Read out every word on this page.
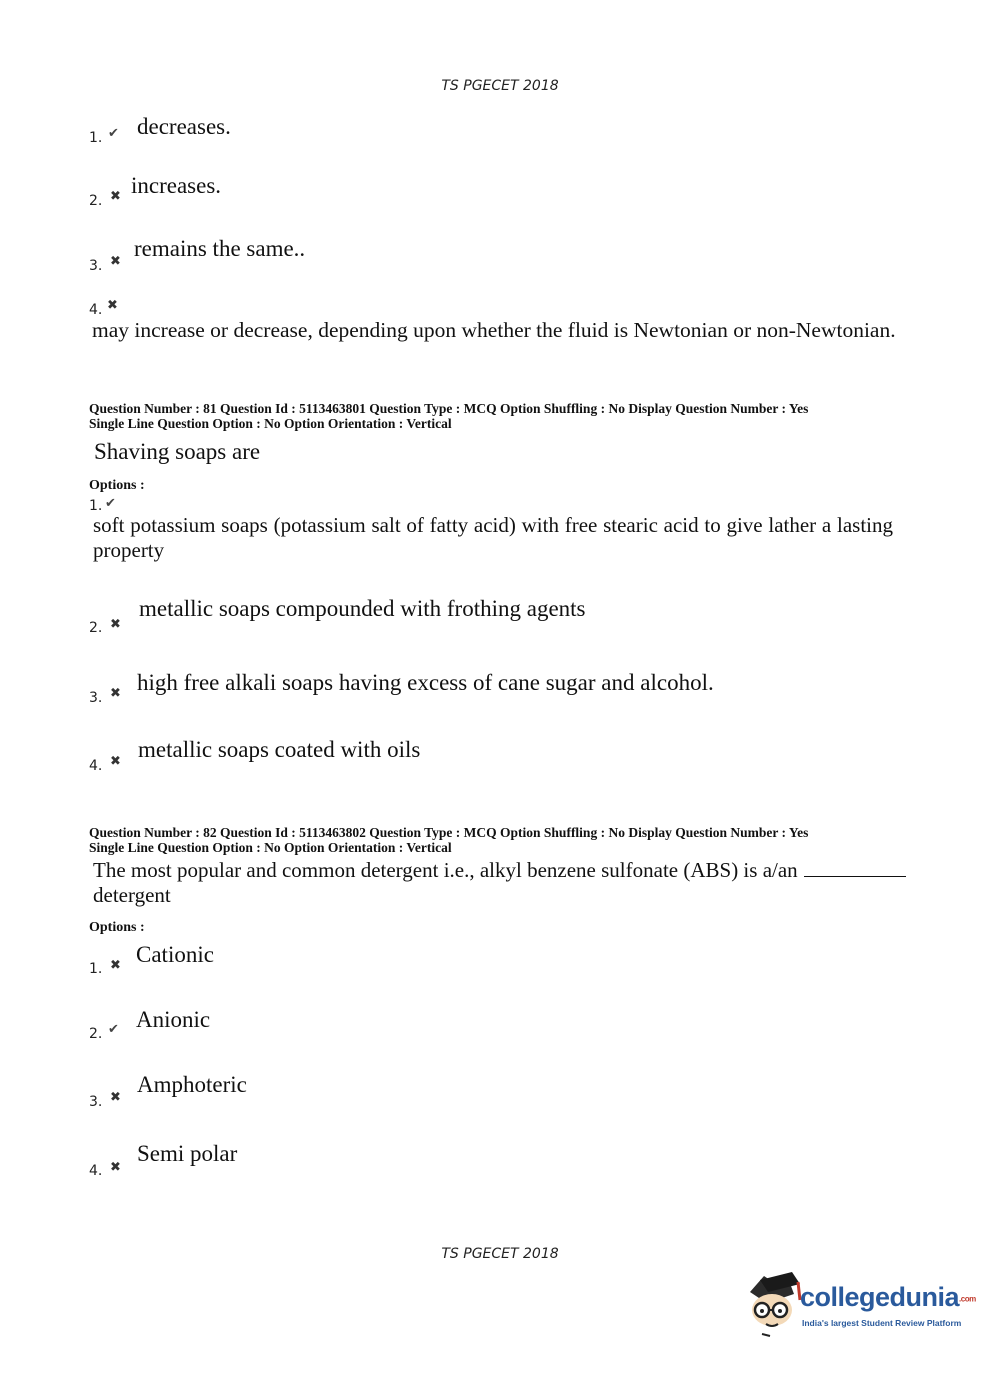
TS PGECET 2018
1. ✔ decreases.
2. ✖ increases.
3. ✖
remains the same..
4. ✖
may increase or decrease, depending upon whether the fluid is Newtonian or non-Newtonian.
Question Number : 81 Question Id : 5113463801 Question Type : MCQ Option Shuffling : No Display Question Number : Yes
Single Line Question Option : No Option Orientation : Vertical
Shaving soaps are
Options :
1. ✔
soft potassium soaps (potassium salt of fatty acid) with free stearic acid to give lather a lasting property
2. ✖
metallic soaps compounded with frothing agents
3. ✖ high free alkali soaps having excess of cane sugar and alcohol.
4. ✖ metallic soaps coated with oils
Question Number : 82 Question Id : 5113463802 Question Type : MCQ Option Shuffling : No Display Question Number : Yes
Single Line Question Option : No Option Orientation : Vertical
The most popular and common detergent i.e., alkyl benzene sulfonate (ABS) is a/an
detergent
Options :
1. ✖ Cationic
2. ✔ Anionic
3. ✖
Amphoteric
4. ✖
Semi polar
TS PGECET 2018
collegedunia.com
India's largest Student Review Platform
